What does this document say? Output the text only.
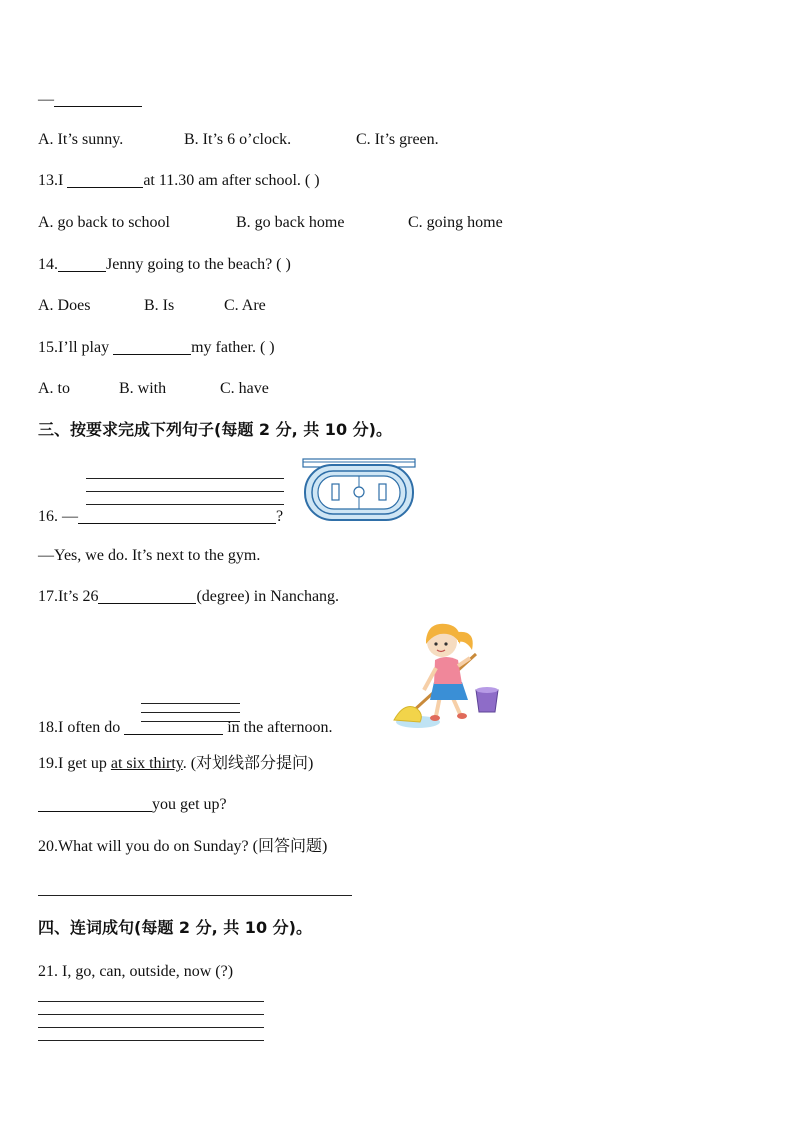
—
A. It’s sunny.	B. It’s 6 o’clock.	C. It’s green.
13.I	at 11.30 am after school. ( )
A. go back to school	B. go back home	C. going home
14.	Jenny going to the beach? ( )
A. Does	B. Is	C. Are
15.I’ll play	my father. ( )
A. to	B. with	C. have
三、按要求完成下列句子(每题 2 分, 共 10 分)。
16. —	?
—Yes, we do. It’s next to the gym.
17.It’s 26	(degree) in Nanchang.
18.I often do	in the afternoon.
19.I get up at six thirty. (对划线部分提问)
you get up?
20.What will you do on Sunday? (回答问题)
四、连词成句(每题 2 分, 共 10 分)。
21. I, go, can, outside, now (?)
